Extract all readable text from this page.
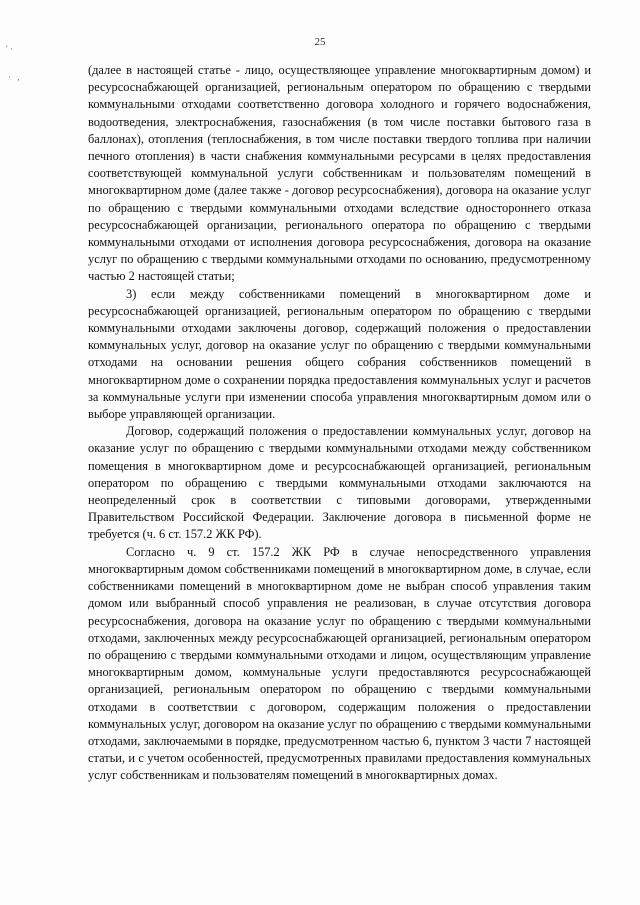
25
' ·
· ,	(далее в настоящей статье - лицо, осуществляющее управление многоквартирным домом) и ресурсоснабжающей организацией, региональным оператором по обращению с твердыми коммунальными отходами соответственно договора холодного и горячего водоснабжения, водоотведения, электроснабжения, газоснабжения (в том числе поставки бытового газа в баллонах), отопления (теплоснабжения, в том числе поставки твердого топлива при наличии печного отопления) в части снабжения коммунальными ресурсами в целях предоставления соответствующей коммунальной услуги собственникам и пользователям помещений в многоквартирном доме (далее также - договор ресурсоснабжения), договора на оказание услуг по обращению с твердыми коммунальными отходами вследствие одностороннего отказа ресурсоснабжающей организации, регионального оператора по обращению с твердыми коммунальными отходами от исполнения договора ресурсоснабжения, договора на оказание услуг по обращению с твердыми коммунальными отходами по основанию, предусмотренному частью 2 настоящей статьи;

3) если между собственниками помещений в многоквартирном доме и ресурсоснабжающей организацией, региональным оператором по обращению с твердыми коммунальными отходами заключены договор, содержащий положения о предоставлении коммунальных услуг, договор на оказание услуг по обращению с твердыми коммунальными отходами на основании решения общего собрания собственников помещений в многоквартирном доме о сохранении порядка предоставления коммунальных услуг и расчетов за коммунальные услуги при изменении способа управления многоквартирным домом или о выборе управляющей организации.

Договор, содержащий положения о предоставлении коммунальных услуг, договор на оказание услуг по обращению с твердыми коммунальными отходами между собственником помещения в многоквартирном доме и ресурсоснабжающей организацией, региональным оператором по обращению с твердыми коммунальными отходами заключаются на неопределенный срок в соответствии с типовыми договорами, утвержденными Правительством Российской Федерации. Заключение договора в письменной форме не требуется (ч. 6 ст. 157.2 ЖК РФ).

Согласно ч. 9 ст. 157.2 ЖК РФ в случае непосредственного управления многоквартирным домом собственниками помещений в многоквартирном доме, в случае, если собственниками помещений в многоквартирном доме не выбран способ управления таким домом или выбранный способ управления не реализован, в случае отсутствия договора ресурсоснабжения, договора на оказание услуг по обращению с твердыми коммунальными отходами, заключенных между ресурсоснабжающей организацией, региональным оператором по обращению с твердыми коммунальными отходами и лицом, осуществляющим управление многоквартирным домом, коммунальные услуги предоставляются ресурсоснабжающей организацией, региональным оператором по обращению с твердыми коммунальными отходами в соответствии с договором, содержащим положения о предоставлении коммунальных услуг, договором на оказание услуг по обращению с твердыми коммунальными отходами, заключаемыми в порядке, предусмотренном частью 6, пунктом 3 части 7 настоящей статьи, и с учетом особенностей, предусмотренных правилами предоставления коммунальных услуг собственникам и пользователям помещений в многоквартирных домах.
